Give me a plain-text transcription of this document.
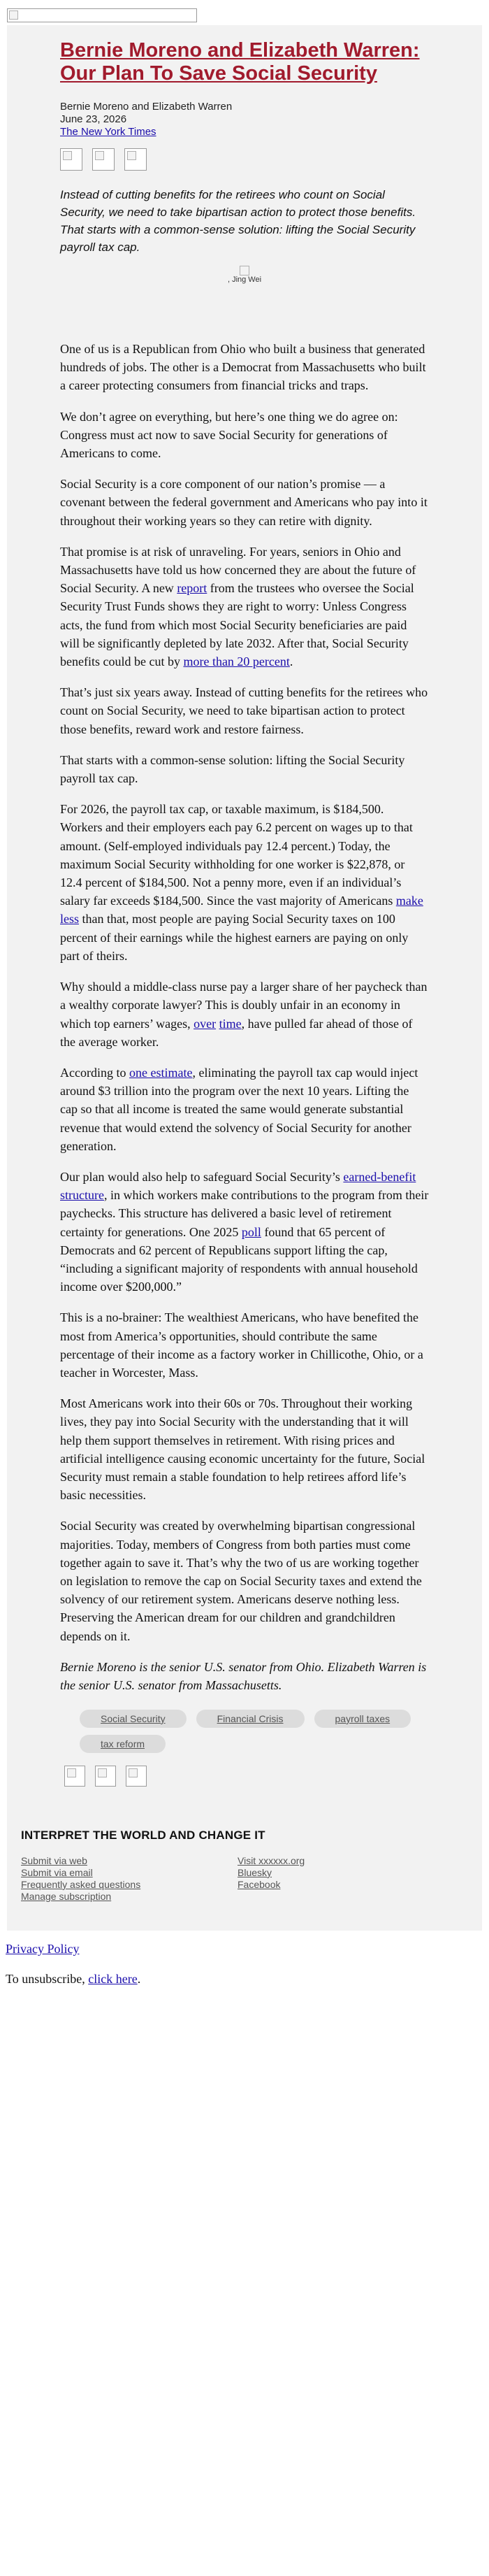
Bernie Moreno and Elizabeth Warren: Our Plan To Save Social Security
Bernie Moreno and Elizabeth Warren
June 23, 2026
The New York Times

Instead of cutting benefits for the retirees who count on Social Security, we need to take bipartisan action to protect those benefits. That starts with a common-sense solution: lifting the Social Security payroll tax cap.

, Jing Wei

One of us is a Republican from Ohio who built a business that generated hundreds of jobs. The other is a Democrat from Massachusetts who built a career protecting consumers from financial tricks and traps.

We don’t agree on everything, but here’s one thing we do agree on: Congress must act now to save Social Security for generations of Americans to come.

Social Security is a core component of our nation’s promise — a covenant between the federal government and Americans who pay into it throughout their working years so they can retire with dignity.

That promise is at risk of unraveling. For years, seniors in Ohio and Massachusetts have told us how concerned they are about the future of Social Security. A new report from the trustees who oversee the Social Security Trust Funds shows they are right to worry: Unless Congress acts, the fund from which most Social Security beneficiaries are paid will be significantly depleted by late 2032. After that, Social Security benefits could be cut by more than 20 percent.

That’s just six years away. Instead of cutting benefits for the retirees who count on Social Security, we need to take bipartisan action to protect those benefits, reward work and restore fairness.

That starts with a common-sense solution: lifting the Social Security payroll tax cap.

For 2026, the payroll tax cap, or taxable maximum, is $184,500. Workers and their employers each pay 6.2 percent on wages up to that amount. (Self-employed individuals pay 12.4 percent.) Today, the maximum Social Security withholding for one worker is $22,878, or 12.4 percent of $184,500. Not a penny more, even if an individual’s salary far exceeds $184,500. Since the vast majority of Americans make less than that, most people are paying Social Security taxes on 100 percent of their earnings while the highest earners are paying on only part of theirs.

Why should a middle-class nurse pay a larger share of her paycheck than a wealthy corporate lawyer? This is doubly unfair in an economy in which top earners’ wages, over time, have pulled far ahead of those of the average worker.

According to one estimate, eliminating the payroll tax cap would inject around $3 trillion into the program over the next 10 years. Lifting the cap so that all income is treated the same would generate substantial revenue that would extend the solvency of Social Security for another generation.

Our plan would also help to safeguard Social Security’s earned-benefit structure, in which workers make contributions to the program from their paychecks. This structure has delivered a basic level of retirement certainty for generations. One 2025 poll found that 65 percent of Democrats and 62 percent of Republicans support lifting the cap, “including a significant majority of respondents with annual household income over $200,000.”

This is a no-brainer: The wealthiest Americans, who have benefited the most from America’s opportunities, should contribute the same percentage of their income as a factory worker in Chillicothe, Ohio, or a teacher in Worcester, Mass.

Most Americans work into their 60s or 70s. Throughout their working lives, they pay into Social Security with the understanding that it will help them support themselves in retirement. With rising prices and artificial intelligence causing economic uncertainty for the future, Social Security must remain a stable foundation to help retirees afford life’s basic necessities.

Social Security was created by overwhelming bipartisan congressional majorities. Today, members of Congress from both parties must come together again to save it. That’s why the two of us are working together on legislation to remove the cap on Social Security taxes and extend the solvency of our retirement system. Americans deserve nothing less. Preserving the American dream for our children and grandchildren depends on it.

Bernie Moreno is the senior U.S. senator from Ohio. Elizabeth Warren is the senior U.S. senator from Massachusetts.

Social Security	Financial Crisis	payroll taxes
tax reform
INTERPRET THE WORLD AND CHANGE IT
Submit via web
Submit via email
Frequently asked questions
Manage subscription
Visit xxxxxx.org
Bluesky
Facebook

Privacy Policy

To unsubscribe, click here.
